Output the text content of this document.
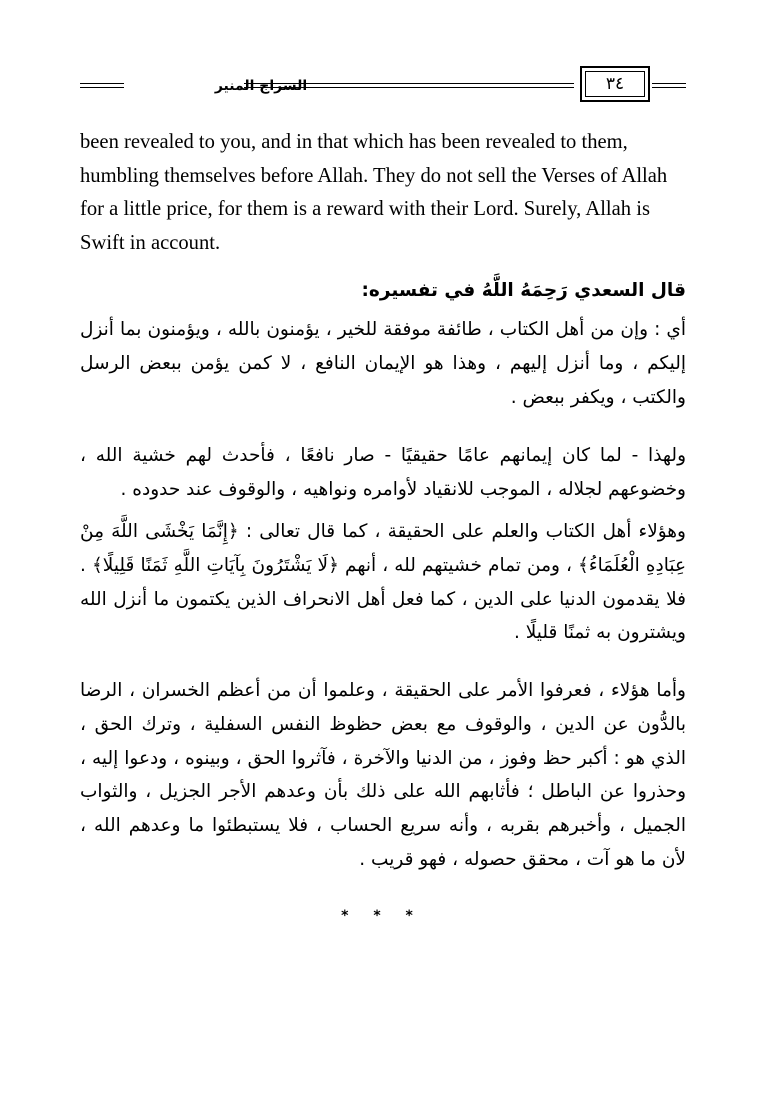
السراج المنير	٣٤

been revealed to you, and in that which has been revealed to them, humbling themselves before Allah. They do not sell the Verses of Allah for a little price, for them is a reward with their Lord. Surely, Allah is Swift in account.

قال السعدي رَحِمَهُ اللَّهُ في تفسيره:

أي : وإن من أهل الكتاب ، طائفة موفقة للخير ، يؤمنون بالله ، ويؤمنون بما أنزل إليكم ، وما أنزل إليهم ، وهذا هو الإيمان النافع ، لا كمن يؤمن ببعض الرسل والكتب ، ويكفر ببعض .

ولهذا - لما كان إيمانهم عامًا حقيقيًا - صار نافعًا ، فأحدث لهم خشية الله ، وخضوعهم لجلاله ، الموجب للانقياد لأوامره ونواهيه ، والوقوف عند حدوده .

وهؤلاء أهل الكتاب والعلم على الحقيقة ، كما قال تعالى : ﴿إِنَّمَا يَخْشَى اللَّهَ مِنْ عِبَادِهِ الْعُلَمَاءُ﴾ ، ومن تمام خشيتهم لله ، أنهم ﴿لَا يَشْتَرُونَ بِآيَاتِ اللَّهِ ثَمَنًا قَلِيلًا﴾ . فلا يقدمون الدنيا على الدين ، كما فعل أهل الانحراف الذين يكتمون ما أنزل الله ويشترون به ثمنًا قليلًا .

وأما هؤلاء ، فعرفوا الأمر على الحقيقة ، وعلموا أن من أعظم الخسران ، الرضا بالدُّون عن الدين ، والوقوف مع بعض حظوظ النفس السفلية ، وترك الحق ، الذي هو : أكبر حظ وفوز ، من الدنيا والآخرة ، فآثروا الحق ، وبينوه ، ودعوا إليه ، وحذروا عن الباطل ؛ فأثابهم الله على ذلك بأن وعدهم الأجر الجزيل ، والثواب الجميل ، وأخبرهم بقربه ، وأنه سريع الحساب ، فلا يستبطئوا ما وعدهم الله ، لأن ما هو آت ، محقق حصوله ، فهو قريب .

* * *
